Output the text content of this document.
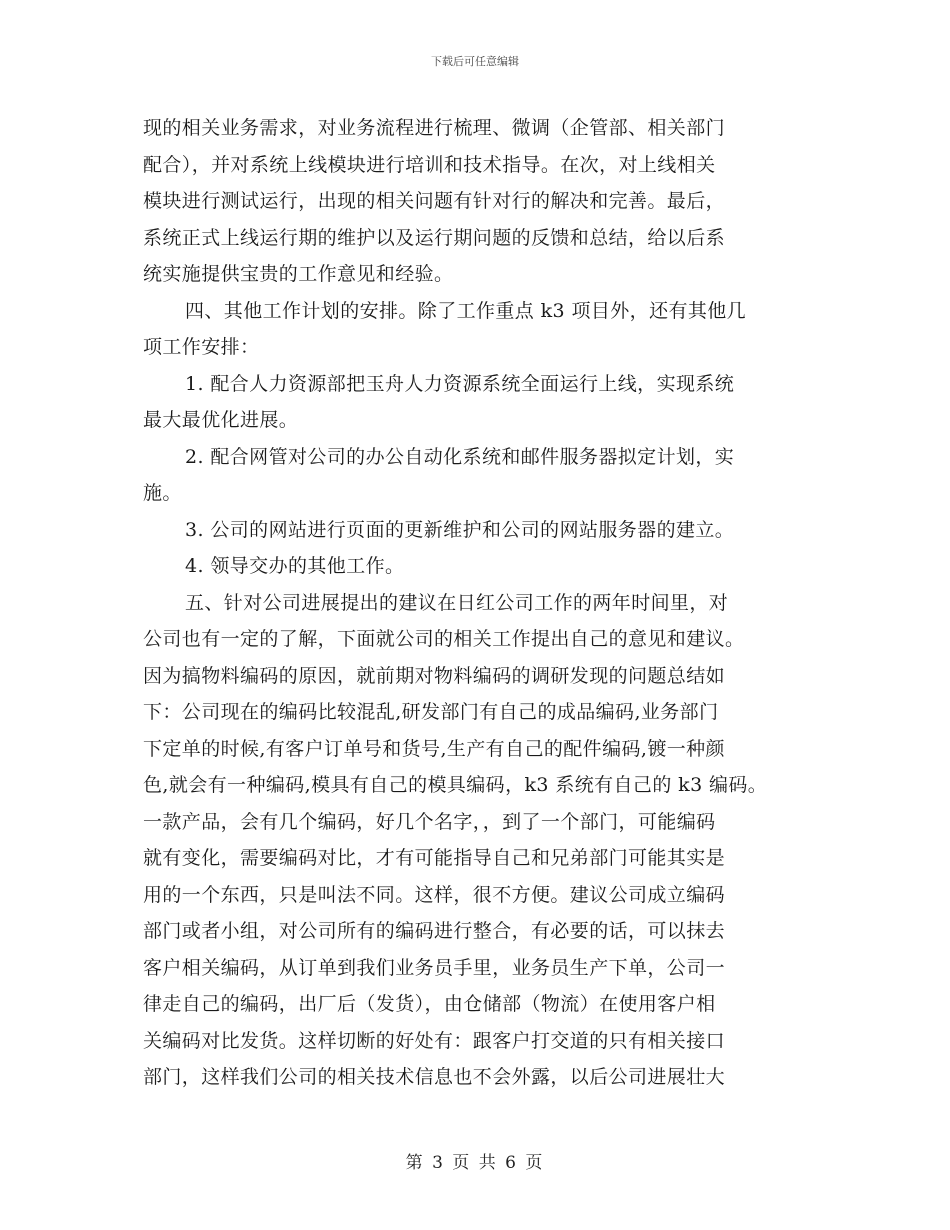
下载后可任意编辑
现的相关业务需求，对业务流程进行梳理、微调（企管部、相关部门
配合），并对系统上线模块进行培训和技术指导。在次，对上线相关
模块进行测试运行，出现的相关问题有针对行的解决和完善。最后，
系统正式上线运行期的维护以及运行期问题的反馈和总结，给以后系
统实施提供宝贵的工作意见和经验。
四、其他工作计划的安排。除了工作重点 k3 项目外，还有其他几
项工作安排：
1. 配合人力资源部把玉舟人力资源系统全面运行上线，实现系统
最大最优化进展。
2. 配合网管对公司的办公自动化系统和邮件服务器拟定计划，实
施。
3. 公司的网站进行页面的更新维护和公司的网站服务器的建立。
4. 领导交办的其他工作。
五、针对公司进展提出的建议在日红公司工作的两年时间里，对
公司也有一定的了解，下面就公司的相关工作提出自己的意见和建议。
因为搞物料编码的原因，就前期对物料编码的调研发现的问题总结如
下：公司现在的编码比较混乱,研发部门有自己的成品编码,业务部门
下定单的时候,有客户订单号和货号,生产有自己的配件编码,镀一种颜
色,就会有一种编码,模具有自己的模具编码，k3 系统有自己的 k3 编码。
一款产品，会有几个编码，好几个名字，，到了一个部门，可能编码
就有变化，需要编码对比，才有可能指导自己和兄弟部门可能其实是
用的一个东西，只是叫法不同。这样，很不方便。建议公司成立编码
部门或者小组，对公司所有的编码进行整合，有必要的话，可以抹去
客户相关编码，从订单到我们业务员手里，业务员生产下单，公司一
律走自己的编码，出厂后（发货），由仓储部（物流）在使用客户相
关编码对比发货。这样切断的好处有：跟客户打交道的只有相关接口
部门，这样我们公司的相关技术信息也不会外露，以后公司进展壮大
第 3 页 共 6 页
